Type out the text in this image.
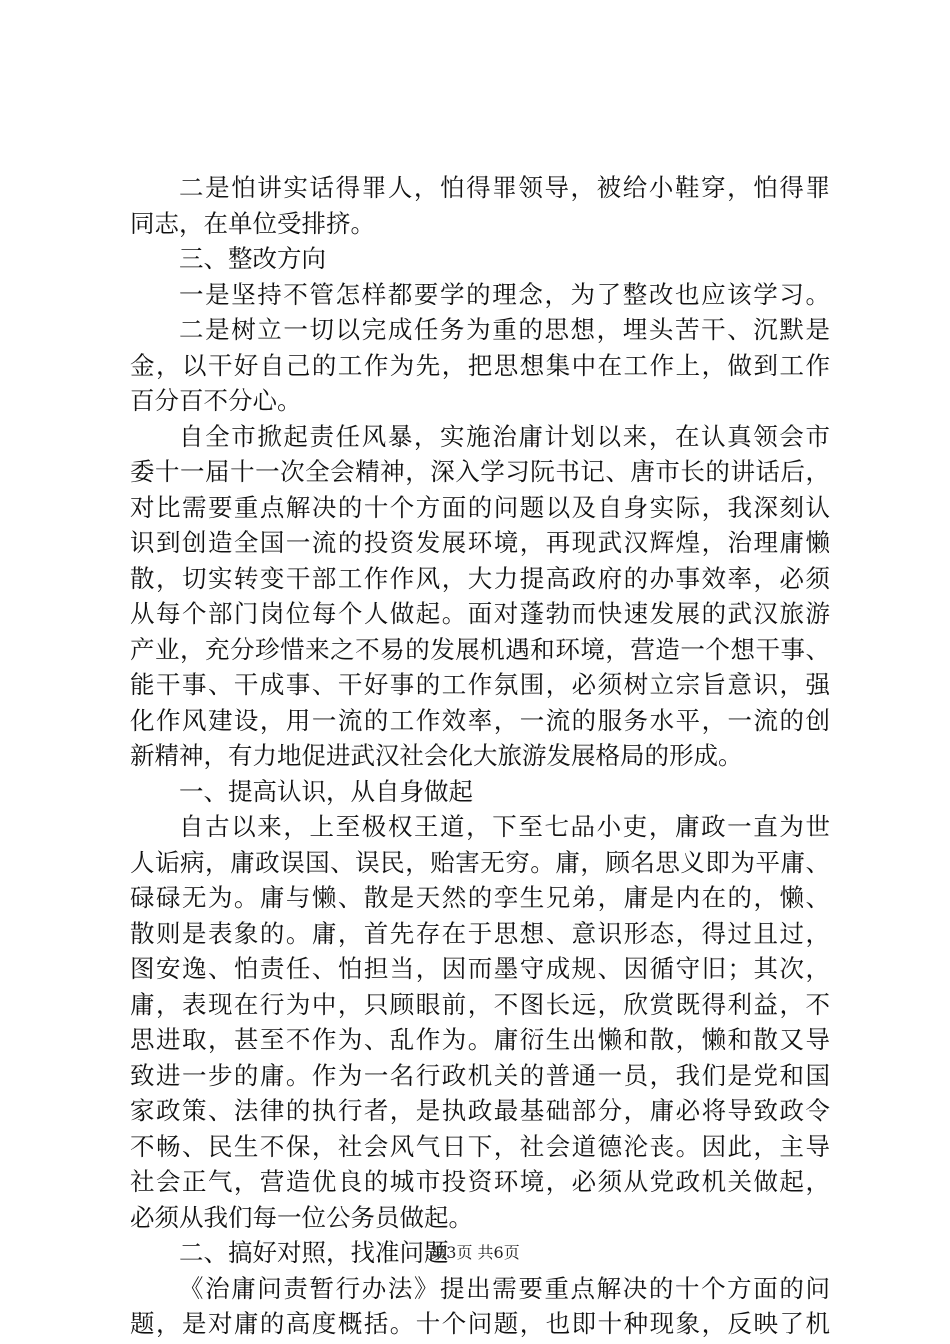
二是怕讲实话得罪人，怕得罪领导，被给小鞋穿，怕得罪
同志，在单位受排挤。
三、整改方向
一是坚持不管怎样都要学的理念，为了整改也应该学习。
二是树立一切以完成任务为重的思想，埋头苦干、沉默是
金，以干好自己的工作为先，把思想集中在工作上，做到工作
百分百不分心。
自全市掀起责任风暴，实施治庸计划以来，在认真领会市
委十一届十一次全会精神，深入学习阮书记、唐市长的讲话后，
对比需要重点解决的十个方面的问题以及自身实际，我深刻认
识到创造全国一流的投资发展环境，再现武汉辉煌，治理庸懒
散，切实转变干部工作作风，大力提高政府的办事效率，必须
从每个部门岗位每个人做起。面对蓬勃而快速发展的武汉旅游
产业，充分珍惜来之不易的发展机遇和环境，营造一个想干事、
能干事、干成事、干好事的工作氛围，必须树立宗旨意识，强
化作风建设，用一流的工作效率，一流的服务水平，一流的创
新精神，有力地促进武汉社会化大旅游发展格局的形成。
一、提高认识，从自身做起
自古以来，上至极权王道，下至七品小吏，庸政一直为世
人诟病，庸政误国、误民，贻害无穷。庸，顾名思义即为平庸、
碌碌无为。庸与懒、散是天然的孪生兄弟，庸是内在的，懒、
散则是表象的。庸，首先存在于思想、意识形态，得过且过，
图安逸、怕责任、怕担当，因而墨守成规、因循守旧；其次，
庸，表现在行为中，只顾眼前，不图长远，欣赏既得利益，不
思进取，甚至不作为、乱作为。庸衍生出懒和散，懒和散又导
致进一步的庸。作为一名行政机关的普通一员，我们是党和国
家政策、法律的执行者，是执政最基础部分，庸必将导致政令
不畅、民生不保，社会风气日下，社会道德沦丧。因此，主导
社会正气，营造优良的城市投资环境，必须从党政机关做起，
必须从我们每一位公务员做起。
二、搞好对照，找准问题
《治庸问责暂行办法》提出需要重点解决的十个方面的问
题，是对庸的高度概括。十个问题，也即十种现象，反映了机
第3页 共6页
